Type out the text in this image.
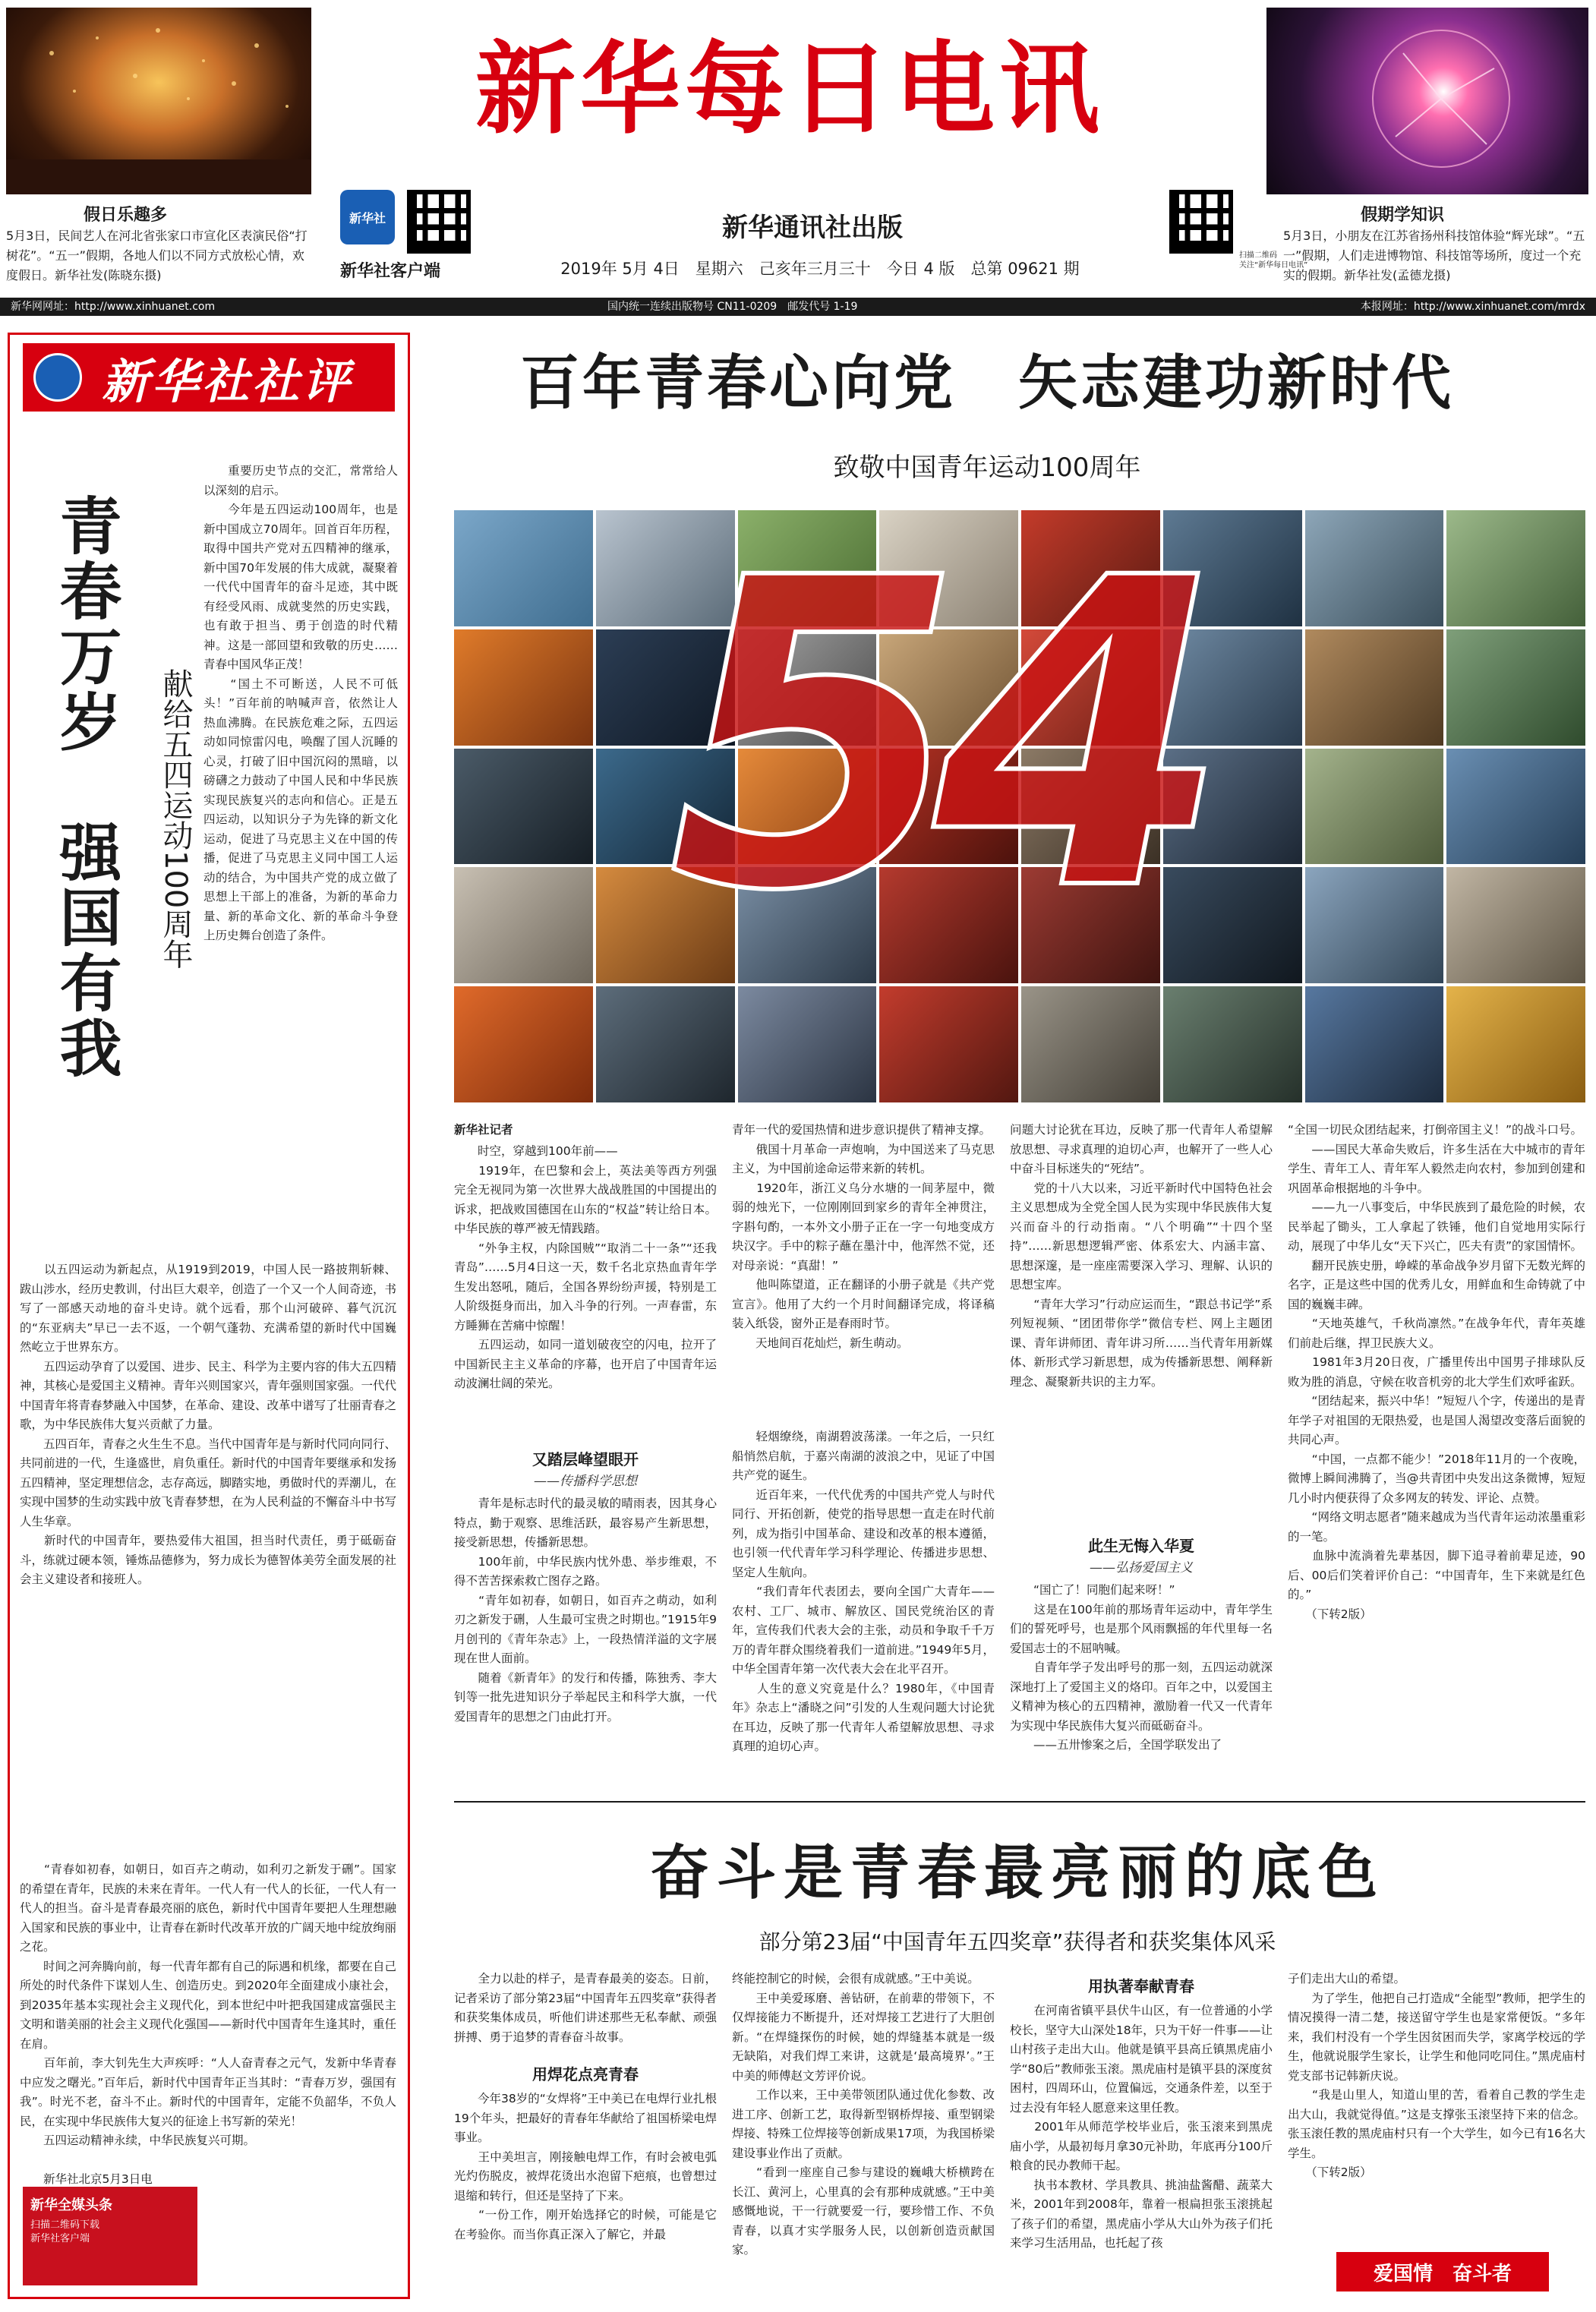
假日乐趣多
5月3日，民间艺人在河北省张家口市宣化区表演民俗“打树花”。“五一”假期，各地人们以不同方式放松心情，欢度假日。新华社发(陈晓东摄)
假期学知识
5月3日，小朋友在江苏省扬州科技馆体验“辉光球”。“五一”假期，人们走进博物馆、科技馆等场所，度过一个充实的假期。新华社发(孟德龙摄)
新华每日电讯
新华社
新华社客户端
新华通讯社出版
2019年 5月 4日　星期六　己亥年三月三十　今日 4 版　总第 09621 期
扫描二维码
关注“新华每日电讯”
新华网网址：http://www.xinhuanet.com	国内统一连续出版物号 CN11-0209　邮发代号 1-19	本报网址：http://www.xinhuanet.com/mrdx
新华社社评
青春万岁　强国有我 献给五四运动100周年
　　重要历史节点的交汇，常常给人以深刻的启示。
　　今年是五四运动100周年，也是新中国成立70周年。回首百年历程，取得中国共产党对五四精神的继承，新中国70年发展的伟大成就，凝聚着一代代中国青年的奋斗足迹，其中既有经受风雨、成就斐然的历史实践，也有敢于担当、勇于创造的时代精神。这是一部回望和致敬的历史……青春中国风华正茂！
　　“国土不可断送，人民不可低头！”百年前的呐喊声音，依然让人热血沸腾。在民族危难之际，五四运动如同惊雷闪电，唤醒了国人沉睡的心灵，打破了旧中国沉闷的黑暗，以磅礴之力鼓动了中国人民和中华民族实现民族复兴的志向和信心。正是五四运动，以知识分子为先锋的新文化运动，促进了马克思主义在中国的传播，促进了马克思主义同中国工人运动的结合，为中国共产党的成立做了思想上干部上的准备，为新的革命力量、新的革命文化、新的革命斗争登上历史舞台创造了条件。
　　以五四运动为新起点，从1919到2019，中国人民一路披荆斩棘、跋山涉水，经历史教训，付出巨大艰辛，创造了一个又一个人间奇迹，书写了一部感天动地的奋斗史诗。就个远看，那个山河破碎、暮气沉沉的“东亚病夫”早已一去不返，一个朝气蓬勃、充满希望的新时代中国巍然屹立于世界东方。
　　五四运动孕育了以爱国、进步、民主、科学为主要内容的伟大五四精神，其核心是爱国主义精神。青年兴则国家兴，青年强则国家强。一代代中国青年将青春梦融入中国梦，在革命、建设、改革中谱写了壮丽青春之歌，为中华民族伟大复兴贡献了力量。
　　五四百年，青春之火生生不息。当代中国青年是与新时代同向同行、共同前进的一代，生逢盛世，肩负重任。新时代的中国青年要继承和发扬五四精神，坚定理想信念，志存高远，脚踏实地，勇做时代的弄潮儿，在实现中国梦的生动实践中放飞青春梦想，在为人民利益的不懈奋斗中书写人生华章。
　　新时代的中国青年，要热爱伟大祖国，担当时代责任，勇于砥砺奋斗，练就过硬本领，锤炼品德修为，努力成长为德智体美劳全面发展的社会主义建设者和接班人。
　　“青春如初春，如朝日，如百卉之萌动，如利刃之新发于硎”。国家的希望在青年，民族的未来在青年。一代人有一代人的长征，一代人有一代人的担当。奋斗是青春最亮丽的底色，新时代中国青年要把人生理想融入国家和民族的事业中，让青春在新时代改革开放的广阔天地中绽放绚丽之花。
　　时间之河奔腾向前，每一代青年都有自己的际遇和机缘，都要在自己所处的时代条件下谋划人生、创造历史。到2020年全面建成小康社会，到2035年基本实现社会主义现代化，到本世纪中叶把我国建成富强民主文明和谐美丽的社会主义现代化强国——新时代中国青年生逢其时，重任在肩。
　　百年前，李大钊先生大声疾呼：“人人奋青春之元气，发新中华青春中应发之曙光。”百年后，新时代中国青年正当其时：“青春万岁，强国有我”。时光不老，奋斗不止。新时代的中国青年，定能不负韶华，不负人民，在实现中华民族伟大复兴的征途上书写新的荣光！
　　五四运动精神永续，中华民族复兴可期。

　　新华社北京5月3日电
百年青春心向党　矢志建功新时代
致敬中国青年运动100周年
54
新华社记者
　　时空，穿越到100年前——
　　1919年，在巴黎和会上，英法美等西方列强完全无视同为第一次世界大战战胜国的中国提出的诉求，把战败国德国在山东的“权益”转让给日本。中华民族的尊严被无情践踏。
　　“外争主权，内除国贼”“取消二十一条”“还我青岛”……5月4日这一天，数千名北京热血青年学生发出怒吼，随后，全国各界纷纷声援，特别是工人阶级挺身而出，加入斗争的行列。一声春雷，东方睡狮在苦痛中惊醒！
　　五四运动，如同一道划破夜空的闪电，拉开了中国新民主主义革命的序幕，也开启了中国青年运动波澜壮阔的荣光。
又踏层峰望眼开
——传播科学思想
　　青年是标志时代的最灵敏的晴雨表，因其身心特点，勤于观察、思维活跃，最容易产生新思想，接受新思想，传播新思想。
　　100年前，中华民族内忧外患、举步维艰，不得不苦苦探索救亡图存之路。
　　“青年如初春，如朝日，如百卉之萌动，如利刃之新发于硎，人生最可宝贵之时期也。”1915年9月创刊的《青年杂志》上，一段热情洋溢的文字展现在世人面前。
　　随着《新青年》的发行和传播，陈独秀、李大钊等一批先进知识分子举起民主和科学大旗，一代爱国青年的思想之门由此打开。
青年一代的爱国热情和进步意识提供了精神支撑。
　　俄国十月革命一声炮响，为中国送来了马克思主义，为中国前途命运带来新的转机。
　　1920年，浙江义乌分水塘的一间茅屋中，微弱的烛光下，一位刚刚回到家乡的青年全神贯注，字斟句酌，一本外文小册子正在一字一句地变成方块汉字。手中的粽子蘸在墨汁中，他浑然不觉，还对母亲说：“真甜！”
　　他叫陈望道，正在翻译的小册子就是《共产党宣言》。他用了大约一个月时间翻译完成，将译稿装入纸袋，窗外正是春雨时节。
　　天地间百花灿烂，新生萌动。
　　轻烟缭绕，南湖碧波荡漾。一年之后，一只红船悄然启航，于嘉兴南湖的波浪之中，见证了中国共产党的诞生。
　　近百年来，一代代优秀的中国共产党人与时代同行、开拓创新，使党的指导思想一直走在时代前列，成为指引中国革命、建设和改革的根本遵循，也引领一代代青年学习科学理论、传播进步思想、坚定人生航向。
　　“我们青年代表团去，要向全国广大青年——农村、工厂、城市、解放区、国民党统治区的青年，宣传我们代表大会的主张，动员和争取千千万万的青年群众围绕着我们一道前进。”1949年5月，中华全国青年第一次代表大会在北平召开。
　　人生的意义究竟是什么？1980年，《中国青年》杂志上“潘晓之问”引发的人生观问题大讨论犹在耳边，反映了那一代青年人希望解放思想、寻求真理的迫切心声。
问题大讨论犹在耳边，反映了那一代青年人希望解放思想、寻求真理的迫切心声，也解开了一些人心中奋斗目标迷失的“死结”。
　　党的十八大以来，习近平新时代中国特色社会主义思想成为全党全国人民为实现中华民族伟大复兴而奋斗的行动指南。“八个明确”“十四个坚持”……新思想逻辑严密、体系宏大、内涵丰富、思想深邃，是一座座需要深入学习、理解、认识的思想宝库。
　　“青年大学习”行动应运而生，“跟总书记学”系列短视频、“团团带你学”微信专栏、网上主题团课、青年讲师团、青年讲习所……当代青年用新媒体、新形式学习新思想，成为传播新思想、阐释新理念、凝聚新共识的主力军。
此生无悔入华夏
——弘扬爱国主义
　　“国亡了！同胞们起来呀！”
　　这是在100年前的那场青年运动中，青年学生们的誓死呼号，也是那个风雨飘摇的年代里每一名爱国志士的不屈呐喊。
　　自青年学子发出呼号的那一刻，五四运动就深深地打上了爱国主义的烙印。百年之中，以爱国主义精神为核心的五四精神，激励着一代又一代青年为实现中华民族伟大复兴而砥砺奋斗。
　　——五卅惨案之后，全国学联发出了
“全国一切民众团结起来，打倒帝国主义！”的战斗口号。
　　——国民大革命失败后，许多生活在大中城市的青年学生、青年工人、青年军人毅然走向农村，参加到创建和巩固革命根据地的斗争中。
　　——九一八事变后，中华民族到了最危险的时候，农民举起了锄头，工人拿起了铁锤，他们自觉地用实际行动，展现了中华儿女“天下兴亡，匹夫有责”的家国情怀。
　　翻开民族史册，峥嵘的革命战争岁月留下无数光辉的名字，正是这些中国的优秀儿女，用鲜血和生命铸就了中国的巍巍丰碑。
　　“天地英雄气，千秋尚凛然。”在战争年代，青年英雄们前赴后继，捍卫民族大义。
　　1981年3月20日夜，广播里传出中国男子排球队反败为胜的消息，守候在收音机旁的北大学生们欢呼雀跃。
　　“团结起来，振兴中华！”短短八个字，传递出的是青年学子对祖国的无限热爱，也是国人渴望改变落后面貌的共同心声。
　　“中国，一点都不能少！”2018年11月的一个夜晚，微博上瞬间沸腾了，当@共青团中央发出这条微博，短短几小时内便获得了众多网友的转发、评论、点赞。
　　“网络文明志愿者”随来越成为当代青年运动浓墨重彩的一笔。
　　血脉中流淌着先辈基因，脚下追寻着前辈足迹，90后、00后们笑着评价自己：“中国青年，生下来就是红色的。”
　　（下转2版）
奋斗是青春最亮丽的底色
部分第23届“中国青年五四奖章”获得者和获奖集体风采
　　全力以赴的样子，是青春最美的姿态。日前，记者采访了部分第23届“中国青年五四奖章”获得者和获奖集体成员，听他们讲述那些无私奉献、顽强拼搏、勇于追梦的青春奋斗故事。
用焊花点亮青春
　　今年38岁的“女焊将”王中美已在电焊行业扎根19个年头，把最好的青春年华献给了祖国桥梁电焊事业。
　　王中美坦言，刚接触电焊工作，有时会被电弧光灼伤脱皮，被焊花烫出水泡留下疤痕，也曾想过退缩和转行，但还是坚持了下来。
　　“一份工作，刚开始选择它的时候，可能是它在考验你。而当你真正深入了解它，并最
终能控制它的时候，会很有成就感。”王中美说。
　　王中美爱琢磨、善钻研，在前辈的带领下，不仅焊接能力不断提升，还对焊接工艺进行了大胆创新。“在焊缝探伤的时候，她的焊缝基本就是一级无缺陷，对我们焊工来讲，这就是‘最高境界’。”王中美的师傅赵文芳评价说。
　　工作以来，王中美带领团队通过优化参数、改进工序、创新工艺，取得新型钢桥焊接、重型钢梁焊接、特殊工位焊接等创新成果17项，为我国桥梁建设事业作出了贡献。
　　“看到一座座自己参与建设的巍峨大桥横跨在长江、黄河上，心里真的会有那种成就感。”王中美感慨地说，干一行就要爱一行，要珍惜工作、不负青春，以真才实学服务人民，以创新创造贡献国家。
用执著奉献青春
　　在河南省镇平县伏牛山区，有一位普通的小学校长，坚守大山深处18年，只为干好一件事——让山村孩子走出大山。他就是镇平县高丘镇黑虎庙小学“80后”教师张玉滚。黑虎庙村是镇平县的深度贫困村，四周环山，位置偏远，交通条件差，以至于过去没有年轻人愿意来这里任教。
　　2001年从师范学校毕业后，张玉滚来到黑虎庙小学，从最初每月拿30元补助，年底再分100斤粮食的民办教师干起。
　　执书本教材、学具教具、挑油盐酱醋、蔬菜大米，2001年到2008年，靠着一根扁担张玉滚挑起了孩子们的希望，黑虎庙小学从大山外为孩子们托来学习生活用品，也托起了孩
子们走出大山的希望。
　　为了学生，他把自己打造成“全能型”教师，把学生的情况摸得一清二楚，接送留守学生也是家常便饭。“多年来，我们村没有一个学生因贫困而失学，家离学校远的学生，他就说服学生家长，让学生和他同吃同住。”黑虎庙村党支部书记韩新庆说。
　　“我是山里人，知道山里的苦，看着自己教的学生走出大山，我就觉得值。”这是支撑张玉滚坚持下来的信念。张玉滚任教的黑虎庙村只有一个大学生，如今已有16名大学生。
　　（下转2版）
爱国情　奋斗者
新华全媒头条
扫描二维码下载
新华社客户端
